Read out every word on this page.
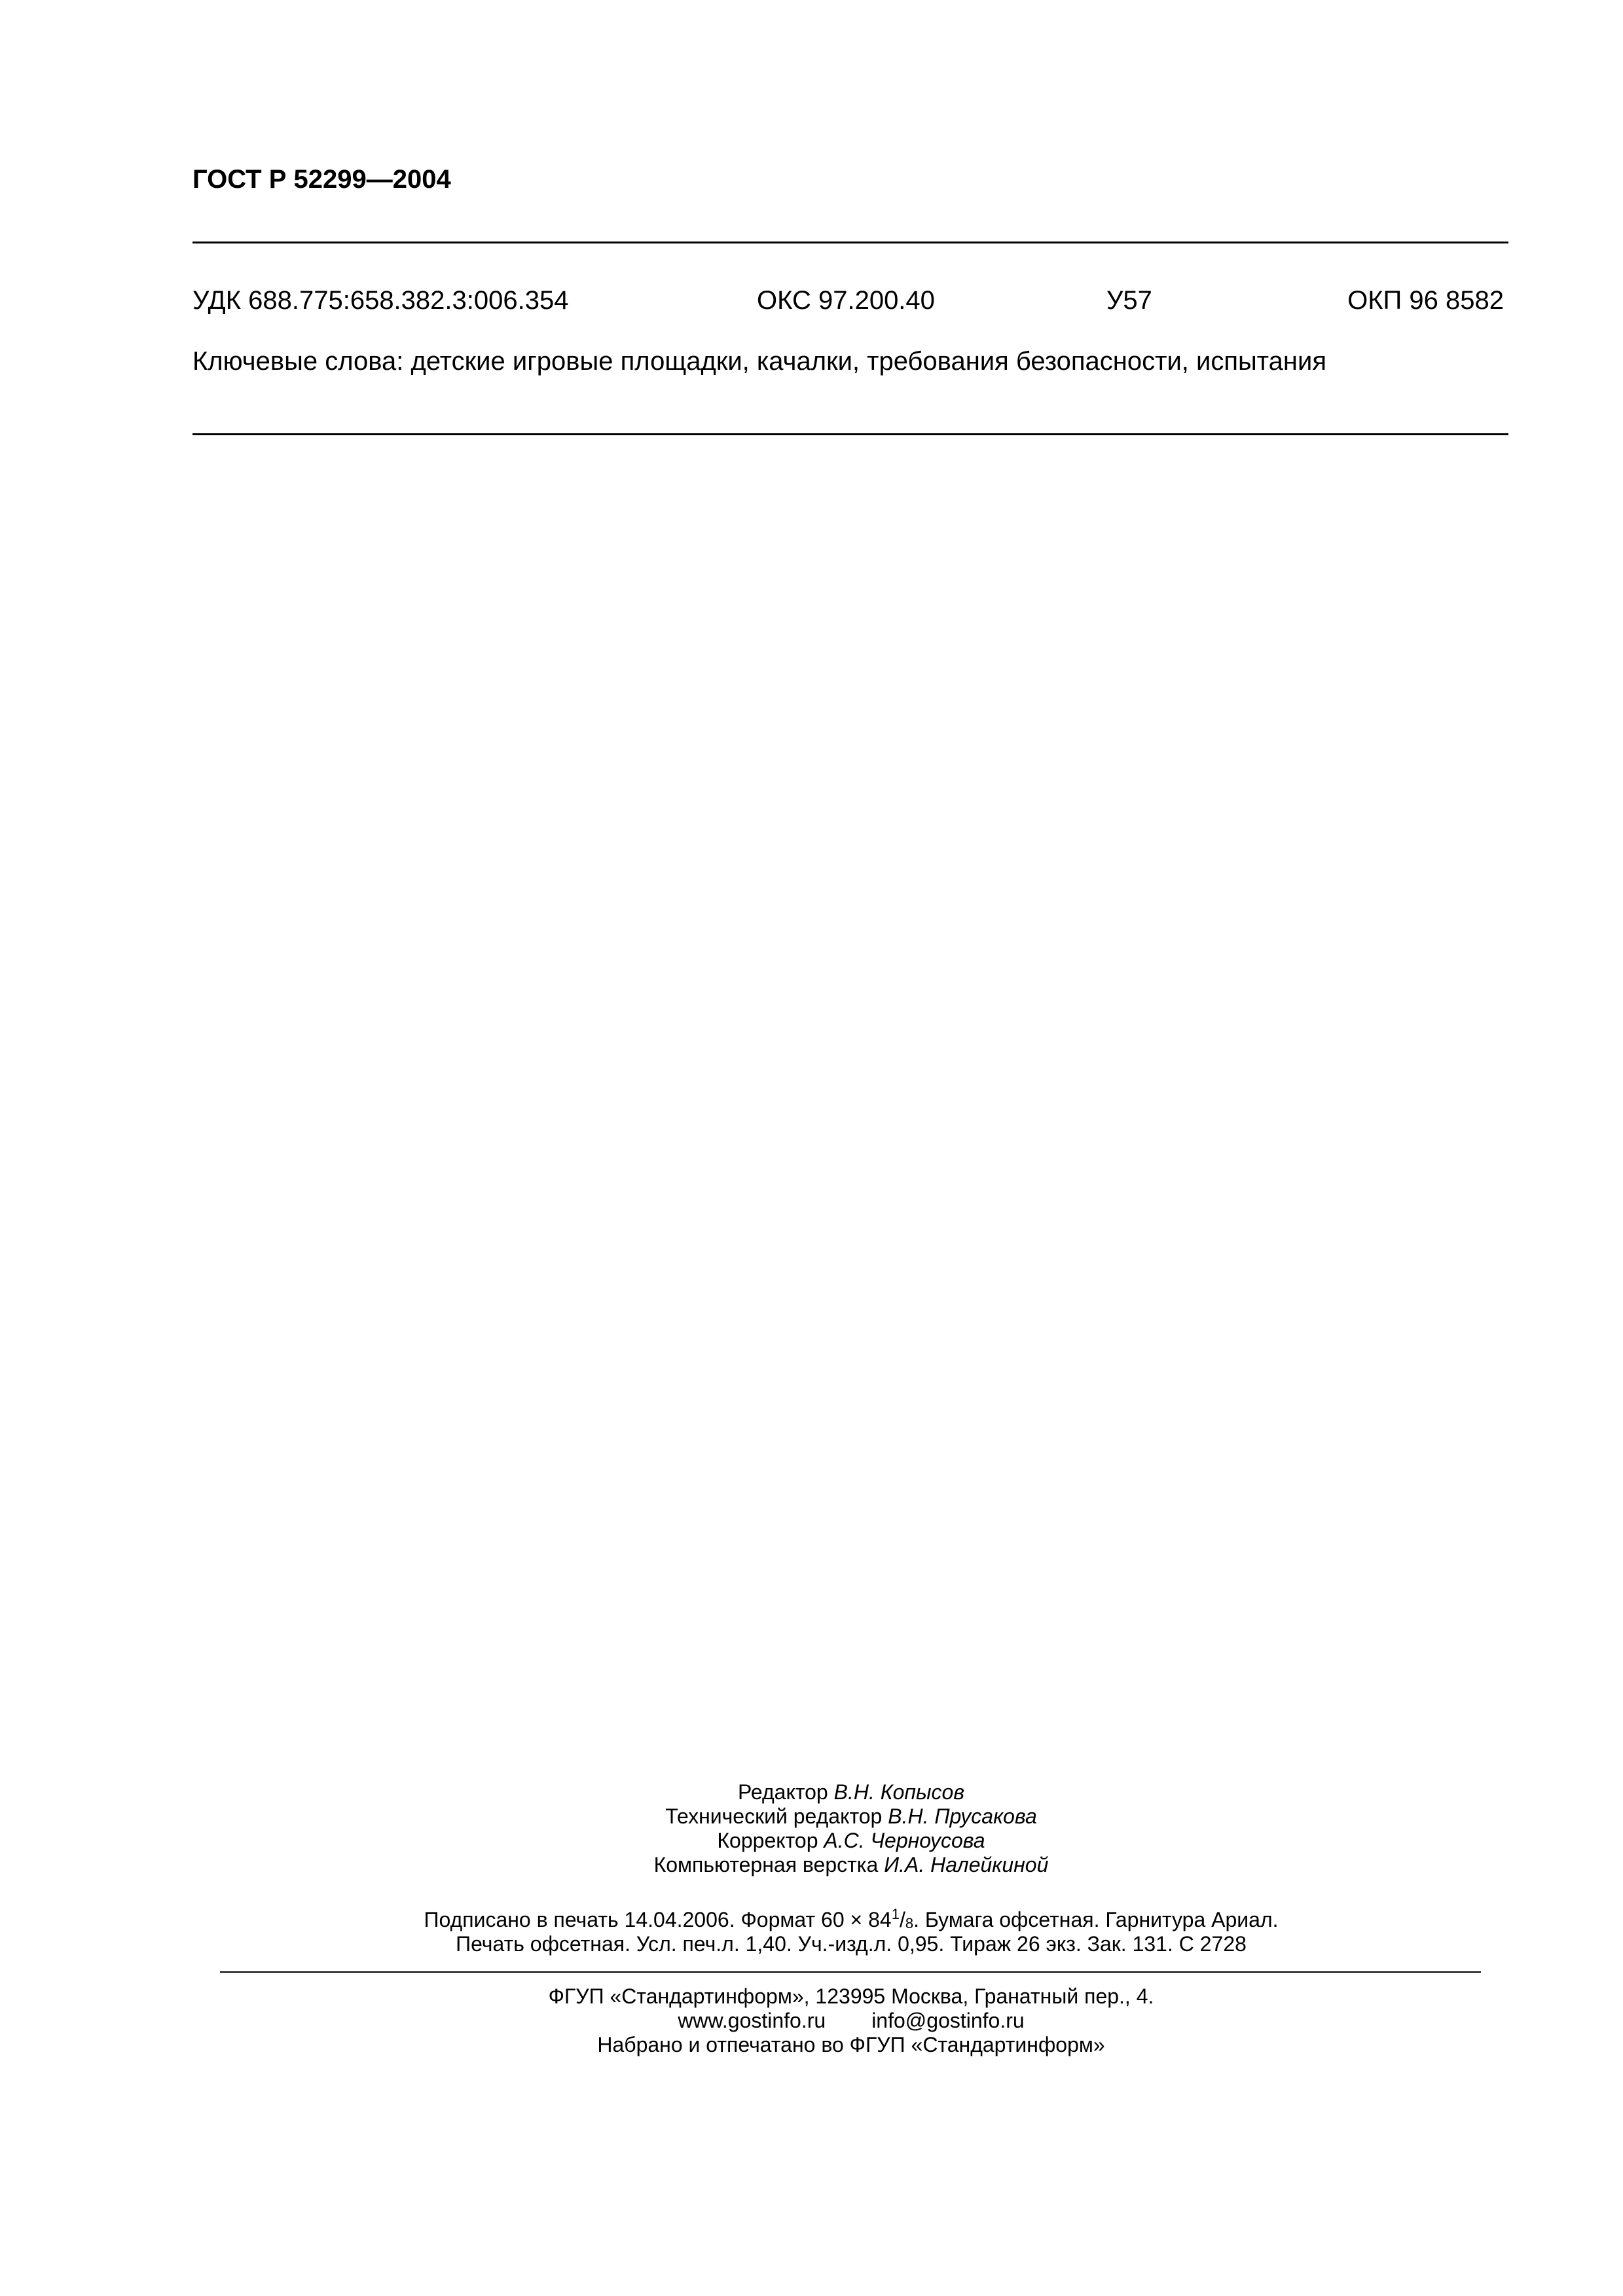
ГОСТ Р 52299—2004
УДК 688.775:658.382.3:006.354	ОКС 97.200.40	У57	ОКП 96 8582
Ключевые слова: детские игровые площадки, качалки, требования безопасности, испытания
Редактор В.Н. Копысов
Технический редактор В.Н. Прусакова
Корректор А.С. Черноусова
Компьютерная верстка И.А. Налейкиной
Подписано в печать 14.04.2006. Формат $60 \times 84^1/_8$. Бумага офсетная. Гарнитура Ариал.
Печать офсетная. Усл. печ.л. 1,40. Уч.-изд.л. 0,95. Тираж 26 экз. Зак. 131. С 2728
ФГУП «Стандартинформ», 123995 Москва, Гранатный пер., 4.
www.gostinfo.ru info@gostinfo.ru
Набрано и отпечатано во ФГУП «Стандартинформ»
